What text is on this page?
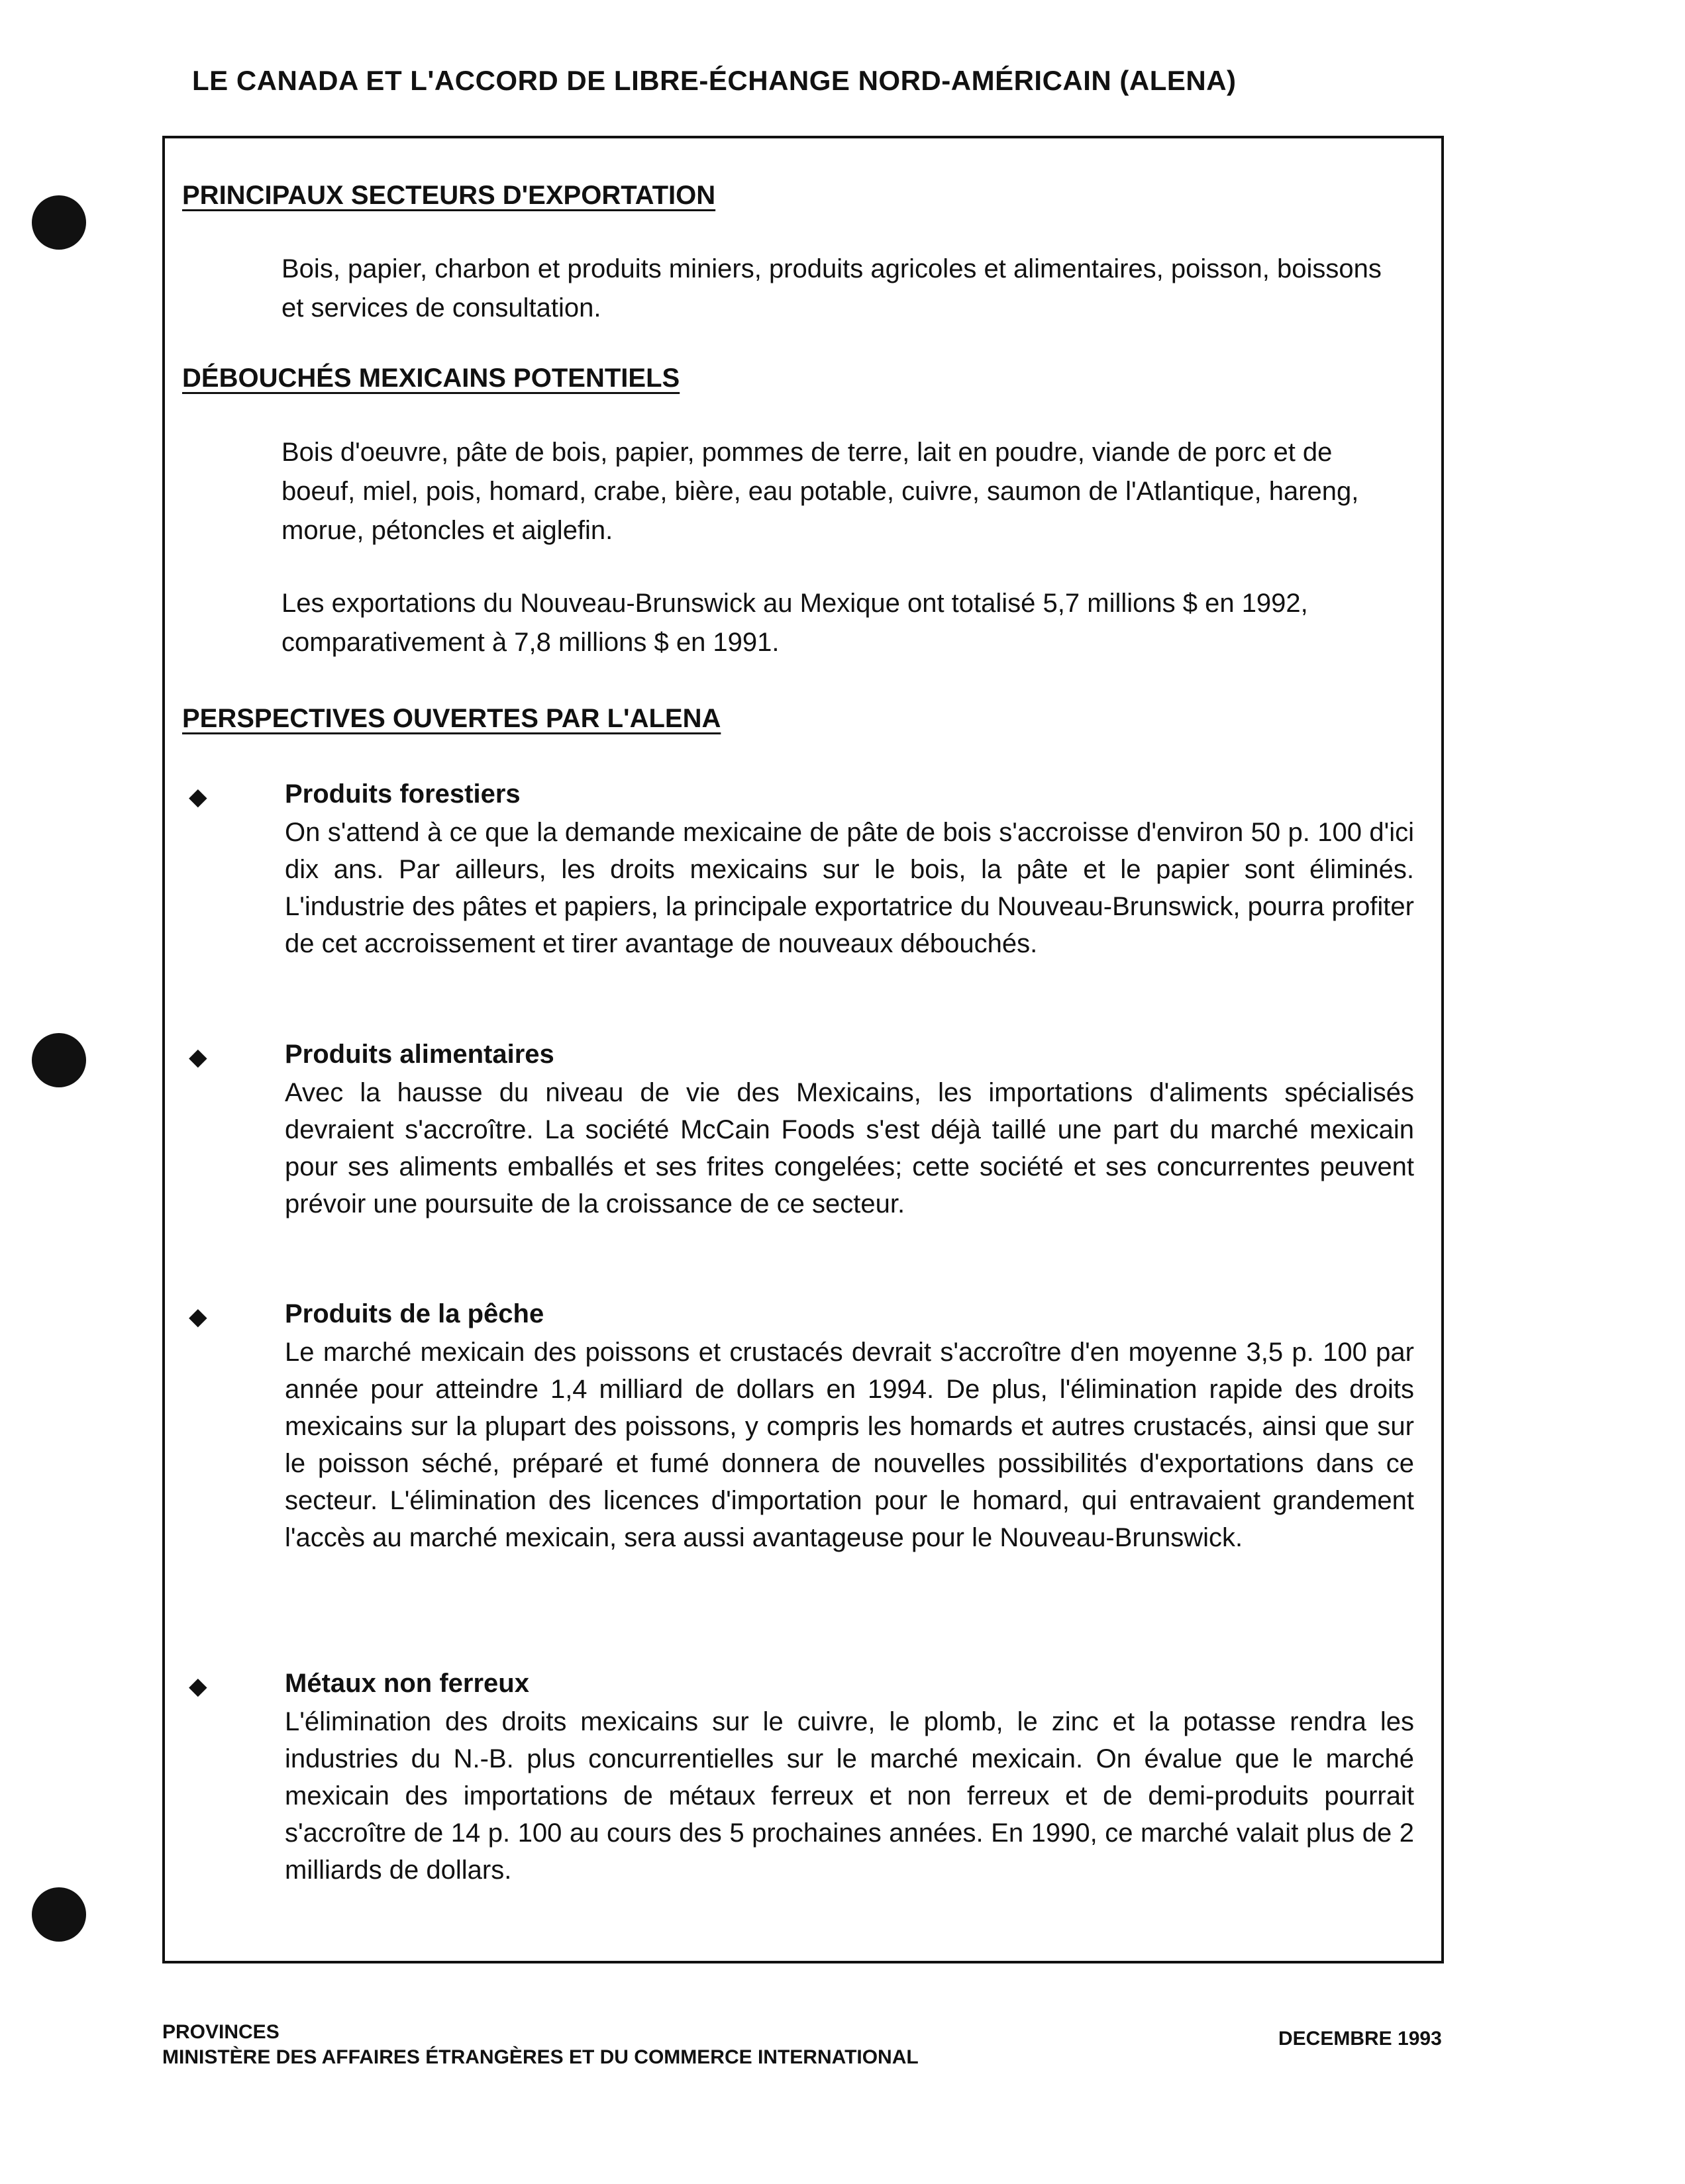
LE CANADA ET L'ACCORD DE LIBRE-ÉCHANGE NORD-AMÉRICAIN (ALENA)
PRINCIPAUX SECTEURS D'EXPORTATION

Bois, papier, charbon et produits miniers, produits agricoles et alimentaires, poisson, boissons et services de consultation.

DÉBOUCHÉS MEXICAINS POTENTIELS

Bois d'oeuvre, pâte de bois, papier, pommes de terre, lait en poudre, viande de porc et de boeuf, miel, pois, homard, crabe, bière, eau potable, cuivre, saumon de l'Atlantique, hareng, morue, pétoncles et aiglefin.

Les exportations du Nouveau-Brunswick au Mexique ont totalisé 5,7 millions $ en 1992, comparativement à 7,8 millions $ en 1991.

PERSPECTIVES OUVERTES PAR L'ALENA
◆	Produits forestiers

On s'attend à ce que la demande mexicaine de pâte de bois s'accroisse d'environ 50 p. 100 d'ici dix ans. Par ailleurs, les droits mexicains sur le bois, la pâte et le papier sont éliminés. L'industrie des pâtes et papiers, la principale exportatrice du Nouveau-Brunswick, pourra profiter de cet accroissement et tirer avantage de nouveaux débouchés.

◆	Produits alimentaires

Avec la hausse du niveau de vie des Mexicains, les importations d'aliments spécialisés devraient s'accroître. La société McCain Foods s'est déjà taillé une part du marché mexicain pour ses aliments emballés et ses frites congelées; cette société et ses concurrentes peuvent prévoir une poursuite de la croissance de ce secteur.

◆	Produits de la pêche

Le marché mexicain des poissons et crustacés devrait s'accroître d'en moyenne 3,5 p. 100 par année pour atteindre 1,4 milliard de dollars en 1994. De plus, l'élimination rapide des droits mexicains sur la plupart des poissons, y compris les homards et autres crustacés, ainsi que sur le poisson séché, préparé et fumé donnera de nouvelles possibilités d'exportations dans ce secteur. L'élimination des licences d'importation pour le homard, qui entravaient grandement l'accès au marché mexicain, sera aussi avantageuse pour le Nouveau-Brunswick.

◆	Métaux non ferreux

L'élimination des droits mexicains sur le cuivre, le plomb, le zinc et la potasse rendra les industries du N.-B. plus concurrentielles sur le marché mexicain. On évalue que le marché mexicain des importations de métaux ferreux et non ferreux et de demi-produits pourrait s'accroître de 14 p. 100 au cours des 5 prochaines années. En 1990, ce marché valait plus de 2 milliards de dollars.

PROVINCES
MINISTÈRE DES AFFAIRES ÉTRANGÈRES ET DU COMMERCE INTERNATIONAL
DECEMBRE 1993
